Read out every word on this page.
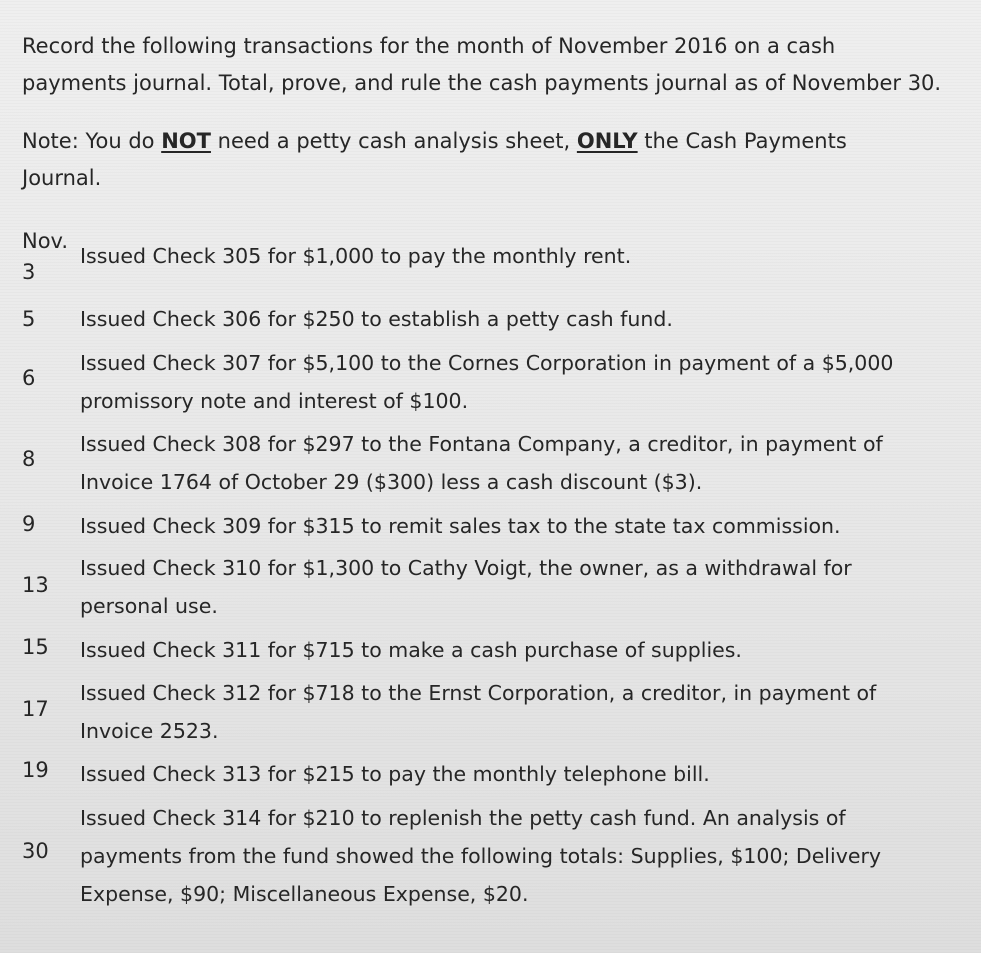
Record the following transactions for the month of November 2016 on a cash
payments journal. Total, prove, and rule the cash payments journal as of November 30.

Note: You do NOT need a petty cash analysis sheet, ONLY the Cash Payments
Journal.

Nov.
3
Issued Check 305 for $1,000 to pay the monthly rent.
5 Issued Check 306 for $250 to establish a petty cash fund.
6
Issued Check 307 for $5,100 to the Cornes Corporation in payment of a $5,000
promissory note and interest of $100.
8
Issued Check 308 for $297 to the Fontana Company, a creditor, in payment of
Invoice 1764 of October 29 ($300) less a cash discount ($3).
9 Issued Check 309 for $315 to remit sales tax to the state tax commission.
13
Issued Check 310 for $1,300 to Cathy Voigt, the owner, as a withdrawal for
personal use.
15 Issued Check 311 for $715 to make a cash purchase of supplies.
17
Issued Check 312 for $718 to the Ernst Corporation, a creditor, in payment of
Invoice 2523.
19 Issued Check 313 for $215 to pay the monthly telephone bill.
30
Issued Check 314 for $210 to replenish the petty cash fund. An analysis of
payments from the fund showed the following totals: Supplies, $100; Delivery
Expense, $90; Miscellaneous Expense, $20.
